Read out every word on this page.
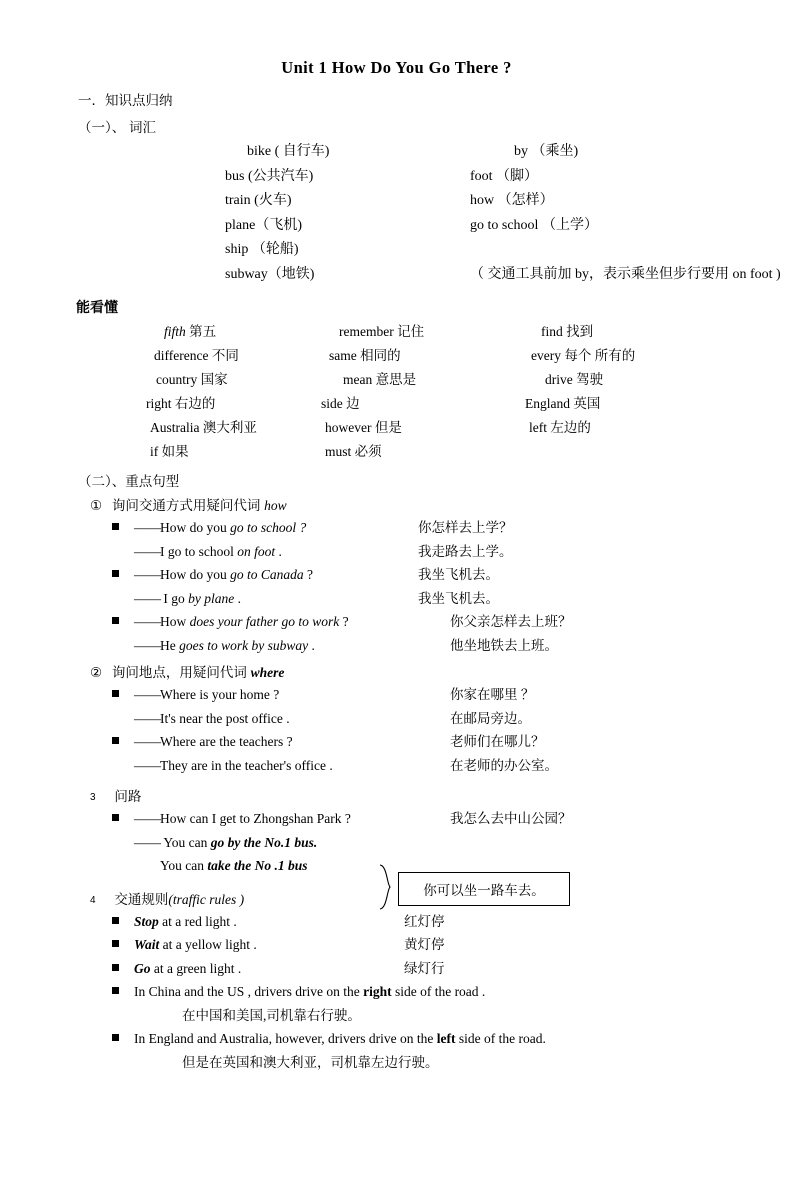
Unit 1 How Do You Go There ?
一．知识点归纳
（一）、 词汇
bike ( 自行车)	by （乘坐)
bus (公共汽车)	foot （脚）
train (火车)	how （怎样）
plane（飞机)	go to school （上学）
ship （轮船)
subway（地铁)	（ 交通工具前加 by，表示乘坐但步行要用 on foot )
能看懂
fifth 第五	remember 记住	find 找到
difference 不同	same 相同的	every 每个 所有的
country 国家	mean 意思是	drive 驾驶
right 右边的	side 边	England 英国
Australia 澳大利亚	however 但是	left 左边的
if 如果	must 必须
（二）、重点句型
① 询问交通方式用疑问代词 how
—— How do you go to school ?	你怎样去上学？
—— I go to school on foot .	我走路去上学。
—— How do you go to Canada ?	我坐飞机去。
—— I go by plane .	我坐飞机去。
—— How does your father go to work ?	你父亲怎样去上班？
—— He goes to work by subway .	他坐地铁去上班。
② 询问地点，用疑问代词 where
—— Where is your home ?	你家在哪里 ？
—— It's near the post office .	在邮局旁边。
—— Where are the teachers ?	老师们在哪儿？
—— They are in the teacher's office .	在老师的办公室。
3 问路
—— How can I get to Zhongshan Park ?	我怎么去中山公园？
—— You can go by the No.1 bus.
You can take the No .1 bus
你可以坐一路车去。
4 交通规则(traffic rules )
Stop at a red light .	红灯停
Wait at a yellow light .	黄灯停
Go at a green light .	绿灯行
In China and the US , drivers drive on the right side of the road .
在中国和美国,司机靠右行驶。
In England and Australia, however, drivers drive on the left side of the road.
但是在英国和澳大利亚，司机靠左边行驶。
